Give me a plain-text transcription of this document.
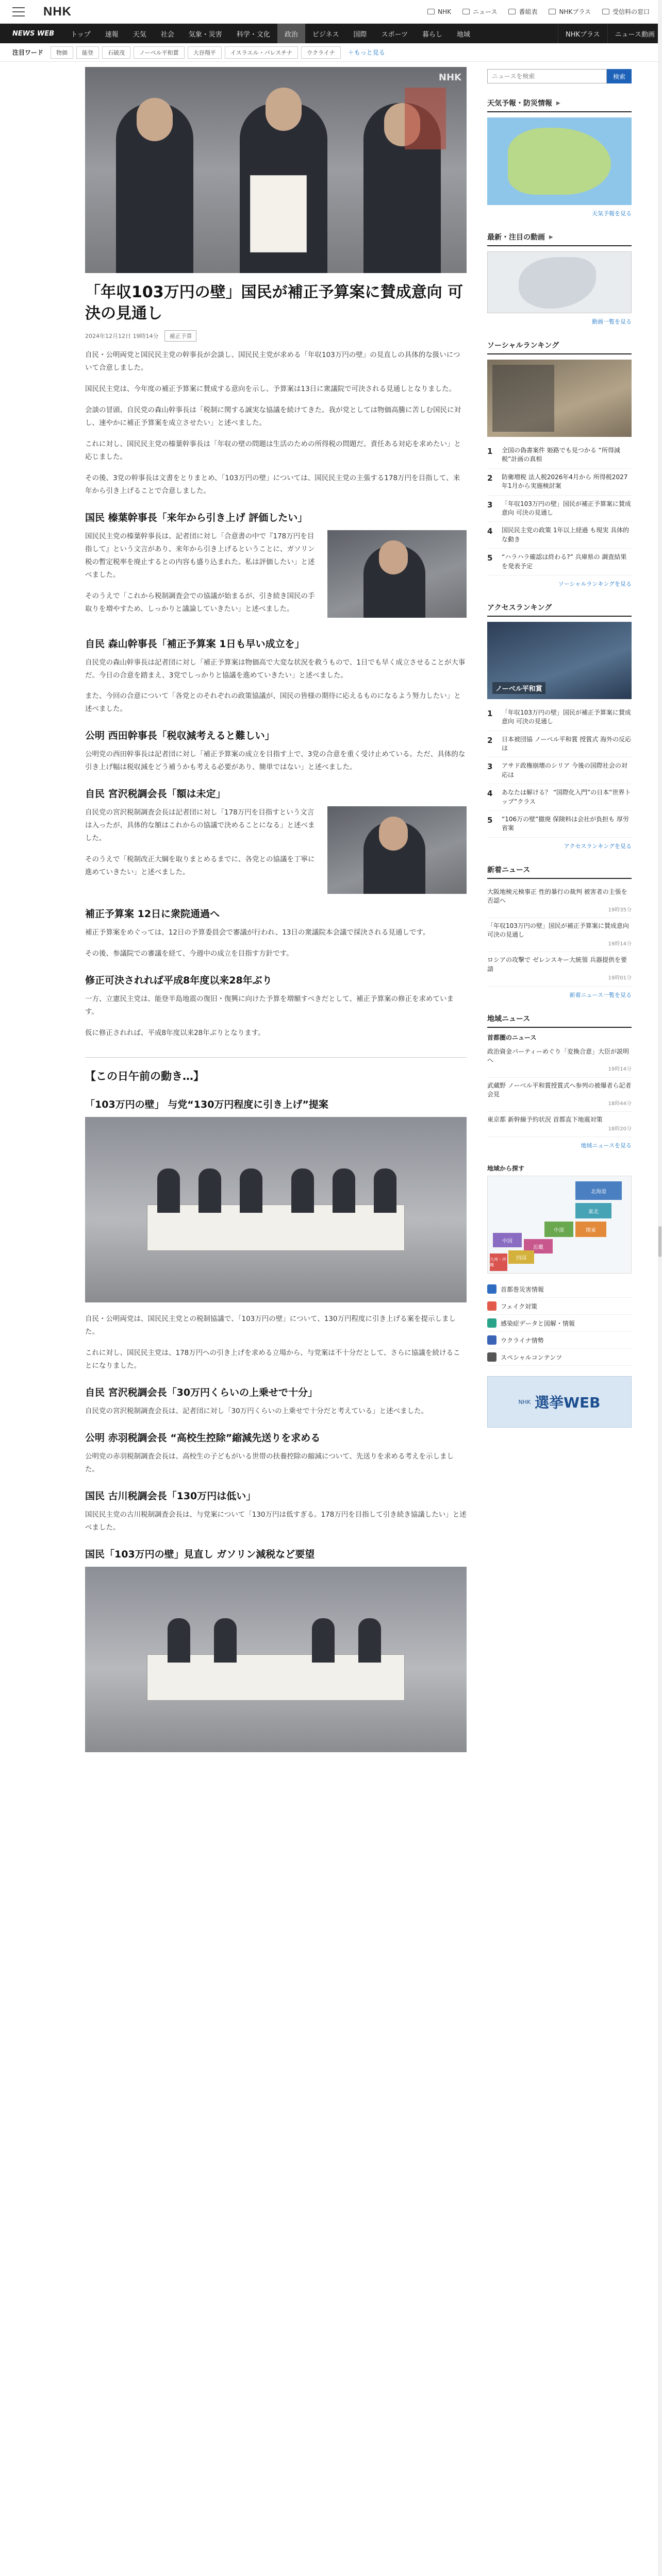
NHK	NHK	ニュース	番組表	NHKプラス	受信料の窓口
NEWS WEB	トップ	速報	天気	社会	気象・災害	科学・文化	政治	ビジネス	国際	スポーツ	暮らし	地域	NHKプラス	ニュース動画
注目ワード	物価	能登	石破茂	ノーベル平和賞	大谷翔平	イスラエル・パレスチナ	ウクライナ	＋もっと見る
NHK
「年収103万円の壁」国民が補正予算案に賛成意向 可決の見通し
2024年12月12日 19時14分	補正予算

自民・公明両党と国民民主党の幹事長が会談し、国民民主党が求める「年収103万円の壁」の見直しの具体的な扱いについて合意しました。

国民民主党は、今年度の補正予算案に賛成する意向を示し、予算案は13日に衆議院で可決される見通しとなりました。

会談の冒頭、自民党の森山幹事長は「税制に関する誠実な協議を続けてきた。我が党としては物価高騰に苦しむ国民に対し、速やかに補正予算案を成立させたい」と述べました。

これに対し、国民民主党の榛葉幹事長は「年収の壁の問題は生活のための所得税の問題だ。責任ある対応を求めたい」と応じました。

その後、3党の幹事長は文書をとりまとめ、「103万円の壁」については、国民民主党の主張する178万円を目指して、来年から引き上げることで合意しました。

国民 榛葉幹事長「来年から引き上げ 評価したい」

国民民主党の榛葉幹事長は、記者団に対し「合意書の中で『178万円を目指して』という文言があり、来年から引き上げるということに、ガソリン税の暫定税率を廃止するとの内容も盛り込まれた。私は評価したい」と述べました。

そのうえで「これから税制調査会での協議が始まるが、引き続き国民の手取りを増やすため、しっかりと議論していきたい」と述べました。

自民 森山幹事長「補正予算案 1日も早い成立を」

自民党の森山幹事長は記者団に対し「補正予算案は物価高で大変な状況を救うもので、1日でも早く成立させることが大事だ。今日の合意を踏まえ、3党でしっかりと協議を進めていきたい」と述べました。

また、今回の合意について「各党とのそれぞれの政策協議が、国民の皆様の期待に応えるものになるよう努力したい」と述べました。

公明 西田幹事長「税収減考えると難しい」

公明党の西田幹事長は記者団に対し「補正予算案の成立を目指す上で、3党の合意を重く受け止めている。ただ、具体的な引き上げ幅は税収減をどう補うかも考える必要があり、簡単ではない」と述べました。

自民 宮沢税調会長「額は未定」

自民党の宮沢税制調査会長は記者団に対し「178万円を目指すという文言は入ったが、具体的な額はこれからの協議で決めることになる」と述べました。

そのうえで「税制改正大綱を取りまとめるまでに、各党との協議を丁寧に進めていきたい」と述べました。

補正予算案 12日に衆院通過へ

補正予算案をめぐっては、12日の予算委員会で審議が行われ、13日の衆議院本会議で採決される見通しです。

その後、参議院での審議を経て、今週中の成立を目指す方針です。

修正可決されれば平成8年度以来28年ぶり

一方、立憲民主党は、能登半島地震の復旧・復興に向けた予算を増額すべきだとして、補正予算案の修正を求めています。

仮に修正されれば、平成8年度以来28年ぶりとなります。

【この日午前の動き…】
「103万円の壁」 与党“130万円程度に引き上げ”提案

自民・公明両党は、国民民主党との税制協議で、「103万円の壁」について、130万円程度に引き上げる案を提示しました。

これに対し、国民民主党は、178万円への引き上げを求める立場から、与党案は不十分だとして、さらに協議を続けることになりました。

自民 宮沢税調会長「30万円くらいの上乗せで十分」

自民党の宮沢税制調査会長は、記者団に対し「30万円くらいの上乗せで十分だと考えている」と述べました。

公明 赤羽税調会長 “高校生控除”縮減先送りを求める

公明党の赤羽税制調査会長は、高校生の子どもがいる世帯の扶養控除の縮減について、先送りを求める考えを示しました。

国民 古川税調会長「130万円は低い」

国民民主党の古川税制調査会長は、与党案について「130万円は低すぎる。178万円を目指して引き続き協議したい」と述べました。

国民「103万円の壁」見直し ガソリン減税など要望
ニュースを検索
検索
天気予報・防災情報 ▶
天気予報を見る
最新・注目の動画 ▶
動画一覧を見る
ソーシャルランキング
1	全国の偽書案件 姫路でも見つかる “所得減税”計画の真相
2	防衛増税 法人税2026年4月から 所得税2027年1月から実施検討案
3	「年収103万円の壁」国民が補正予算案に賛成意向 可決の見通し
4	国民民主党の政策 1年以上経過 も現実 具体的な動き
5	“ハラハラ確認は終わる?” 兵庫県の 調査結果を発表予定
ソーシャルランキングを見る
アクセスランキング
ノーベル平和賞
1	「年収103万円の壁」国民が補正予算案に賛成意向 可決の見通し
2	日本被団協 ノーベル平和賞 授賞式 海外の反応は
3	アサド政権崩壊のシリア 今後の国際社会の対応は
4	あなたは解ける？ “国際化入門”の日本“世界トップ”クラス
5	“106万の壁”撤廃 保険料は会社が負担も 厚労省案
アクセスランキングを見る
新着ニュース
大阪地検元検事正 性的暴行の裁判 被害者の主張を否認へ
19時35分
「年収103万円の壁」国民が補正予算案に賛成意向 可決の見通し
19時14分
ロシアの攻撃で ゼレンスキー大統領 兵器提供を要請
19時01分
新着ニュース一覧を見る
地域ニュース
首都圏のニュース
政治資金パーティーめぐり「変換合意」大臣が説明へ
19時14分
武蔵野 ノーベル平和賞授賞式へ参列の被爆者ら記者会見
18時44分
東京都 新幹線予約状況 首都直下地震対策
18時20分
地域ニュースを見る
地域から探す
北海道
東北
関東
中部
近畿
中国
四国
九州・沖縄
首都巻災害情報
フェイク対策
感染症データと図解・情報
ウクライナ情勢
スペシャルコンテンツ
NHK 選挙WEB
